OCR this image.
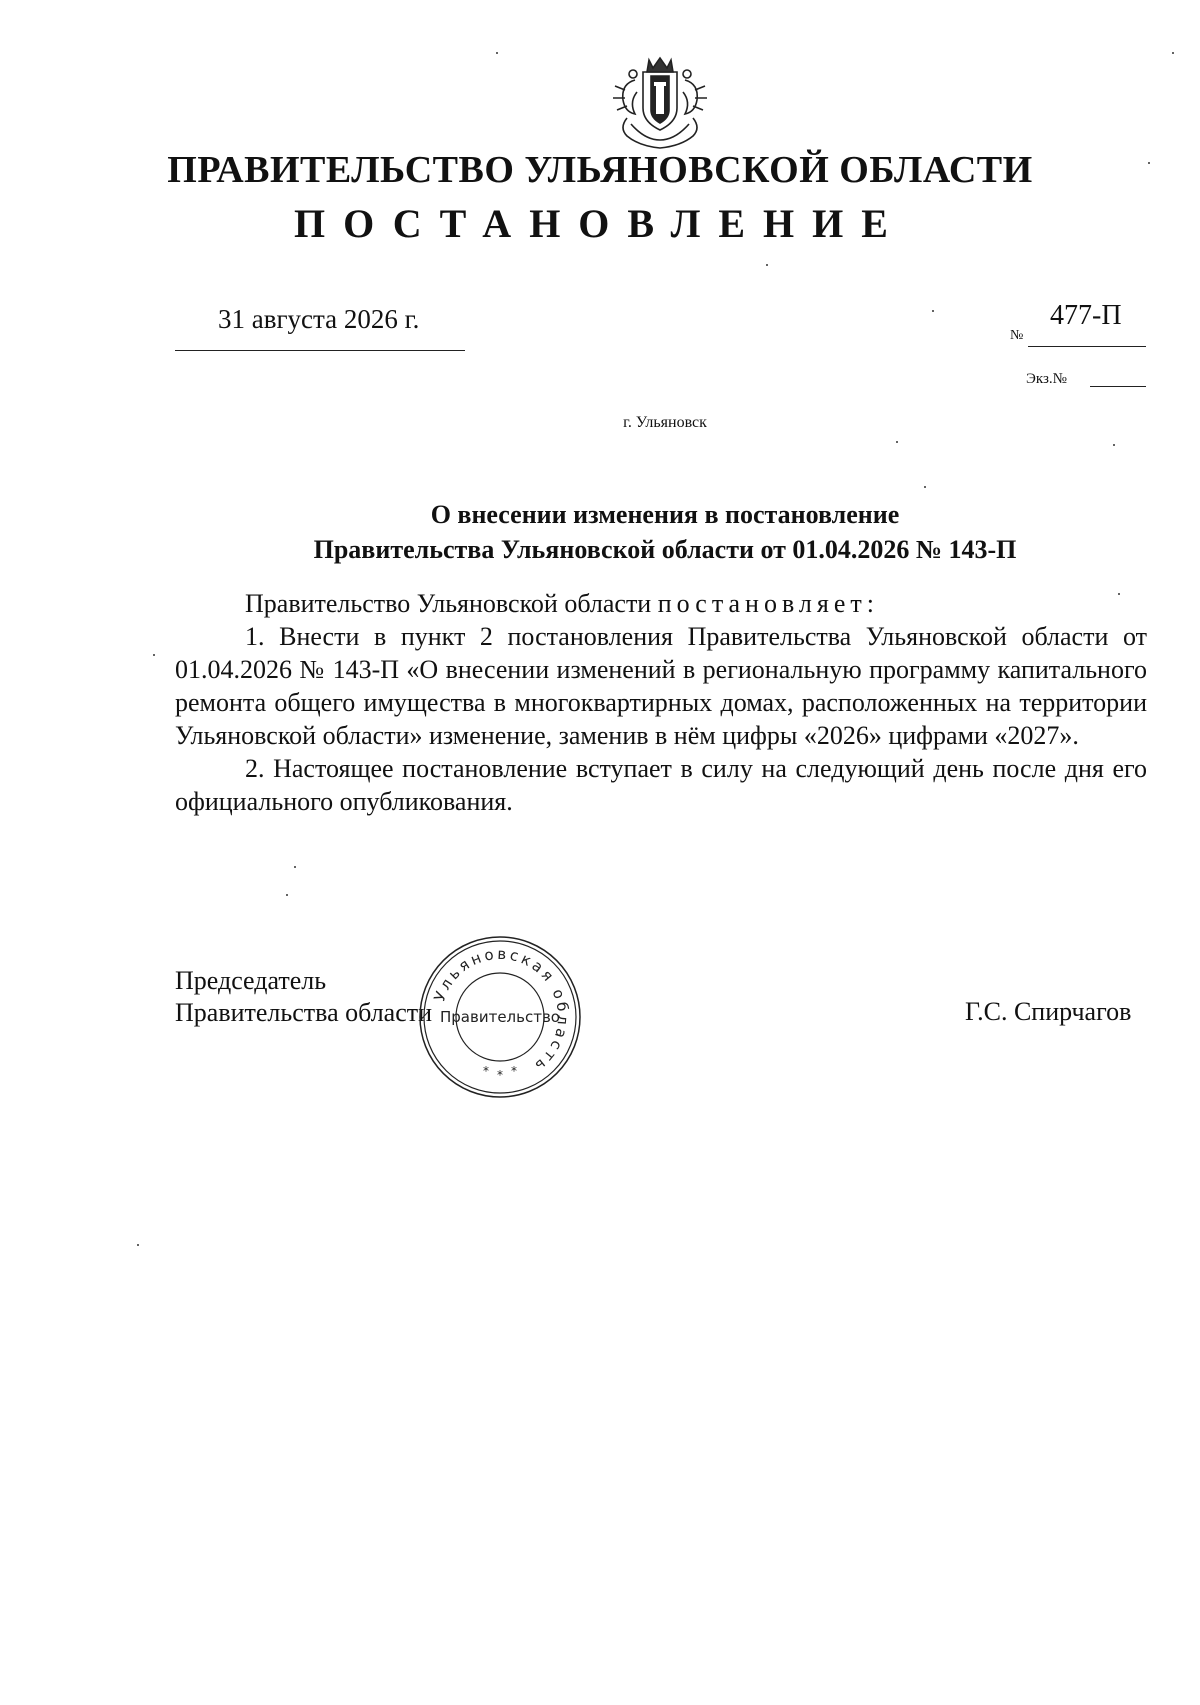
ПРАВИТЕЛЬСТВО УЛЬЯНОВСКОЙ ОБЛАСТИ
ПОСТАНОВЛЕНИЕ
31 августа 2026 г.
№
477-П
Экз.№
г. Ульяновск
О внесении изменения в постановление
Правительства Ульяновской области от 01.04.2026 № 143-П

Правительство Ульяновской области постановляет:

1. Внести в пункт 2 постановления Правительства Ульяновской области от 01.04.2026 № 143-П «О внесении изменений в региональную программу капитального ремонта общего имущества в многоквартирных домах, расположенных на территории Ульяновской области» изменение, заменив в нём цифры «2026» цифрами «2027».

2. Настоящее постановление вступает в силу на следующий день после дня его официального опубликования.

Председатель
Правительства области	Г.С. Спирчагов
Ульяновская область
Правительство
* * *
